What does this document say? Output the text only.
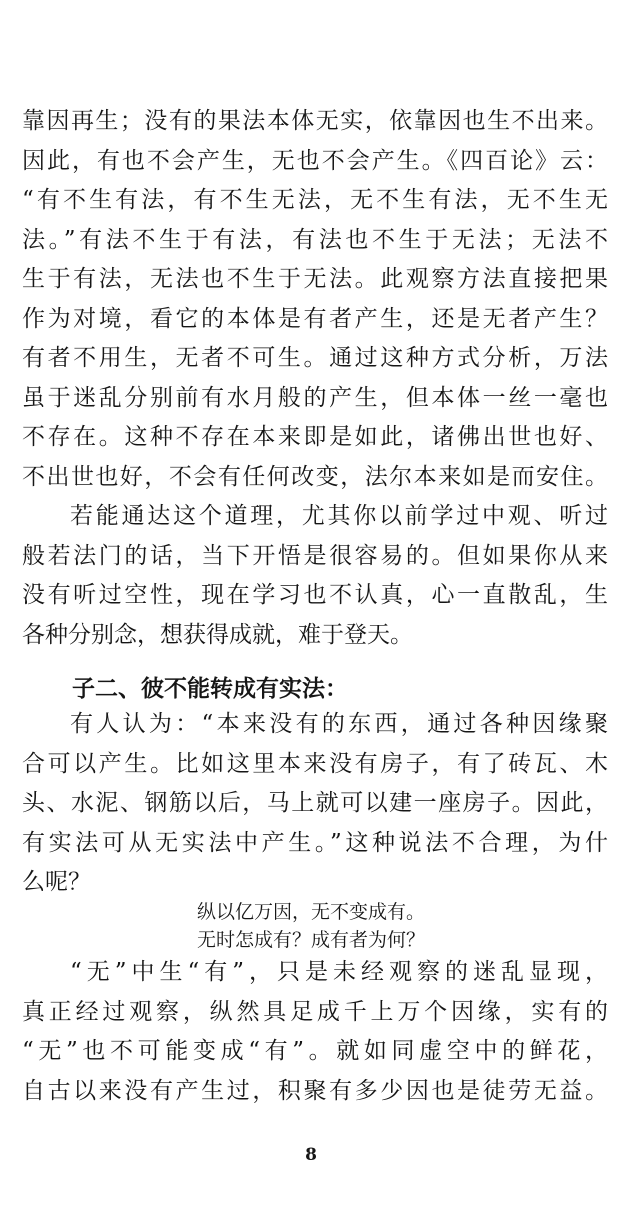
靠因再生；没有的果法本体无实，依靠因也生不出来。
因此，有也不会产生，无也不会产生。《四百论》云：
“有不生有法，有不生无法，无不生有法，无不生无
法。”有法不生于有法，有法也不生于无法；无法不
生于有法，无法也不生于无法。此观察方法直接把果
作为对境，看它的本体是有者产生，还是无者产生？
有者不用生，无者不可生。通过这种方式分析，万法
虽于迷乱分别前有水月般的产生，但本体一丝一毫也
不存在。这种不存在本来即是如此，诸佛出世也好、
不出世也好，不会有任何改变，法尔本来如是而安住。
若能通达这个道理，尤其你以前学过中观、听过
般若法门的话，当下开悟是很容易的。但如果你从来
没有听过空性，现在学习也不认真，心一直散乱，生
各种分别念，想获得成就，难于登天。
子二、彼不能转成有实法：
有人认为：“本来没有的东西，通过各种因缘聚
合可以产生。比如这里本来没有房子，有了砖瓦、木
头、水泥、钢筋以后，马上就可以建一座房子。因此，
有实法可从无实法中产生。”这种说法不合理，为什
么呢？
纵以亿万因，无不变成有。
无时怎成有？成有者为何？
“无”中生“有”，只是未经观察的迷乱显现，
真正经过观察，纵然具足成千上万个因缘，实有的
“无”也不可能变成“有”。就如同虚空中的鲜花，
自古以来没有产生过，积聚有多少因也是徒劳无益。
8
